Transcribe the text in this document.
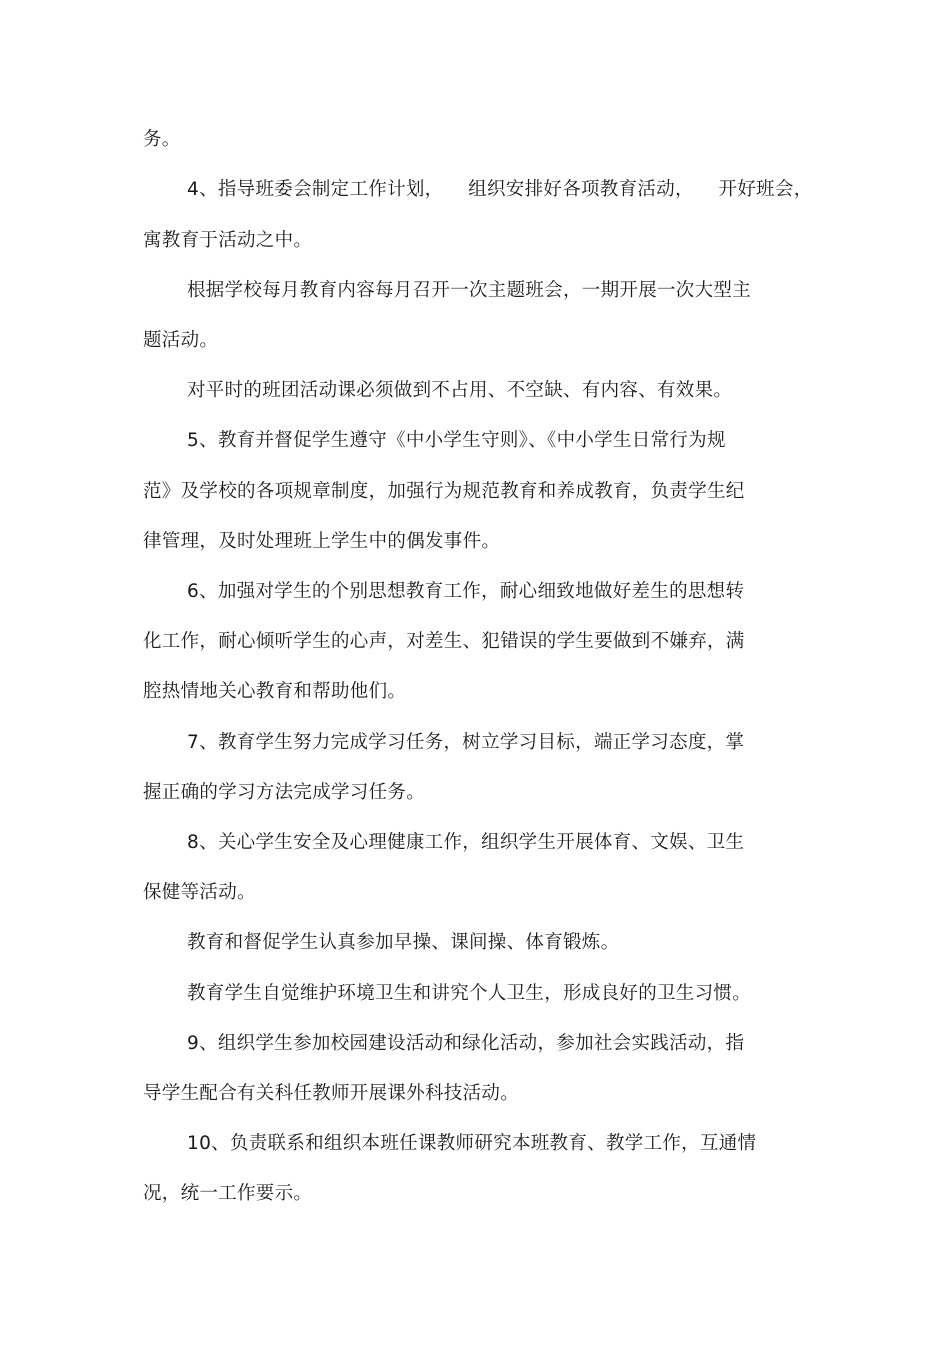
务。
4、指导班委会制定工作计划，    组织安排好各项教育活动，    开好班会，
寓教育于活动之中。
根据学校每月教育内容每月召开一次主题班会，一期开展一次大型主
题活动。
对平时的班团活动课必须做到不占用、不空缺、有内容、有效果。
5、教育并督促学生遵守《中小学生守则》、《中小学生日常行为规
范》及学校的各项规章制度，加强行为规范教育和养成教育，负责学生纪
律管理，及时处理班上学生中的偶发事件。
6、加强对学生的个别思想教育工作，耐心细致地做好差生的思想转
化工作，耐心倾听学生的心声，对差生、犯错误的学生要做到不嫌弃，满
腔热情地关心教育和帮助他们。
7、教育学生努力完成学习任务，树立学习目标，端正学习态度，掌
握正确的学习方法完成学习任务。
8、关心学生安全及心理健康工作，组织学生开展体育、文娱、卫生
保健等活动。
教育和督促学生认真参加早操、课间操、体育锻炼。
教育学生自觉维护环境卫生和讲究个人卫生，形成良好的卫生习惯。
9、组织学生参加校园建设活动和绿化活动，参加社会实践活动，指
导学生配合有关科任教师开展课外科技活动。
10、负责联系和组织本班任课教师研究本班教育、教学工作，互通情
况，统一工作要示。
